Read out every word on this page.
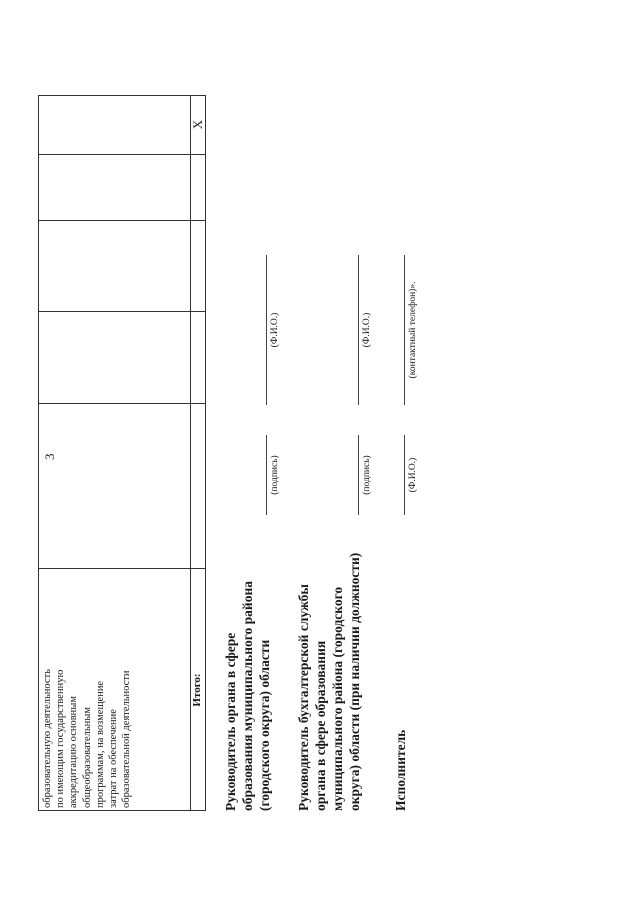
3
образовательную деятельность по имеющим государственную аккредитацию основным общеобразовательным программам, на возмещение затрат на обеспечение образовательной деятельности	Итого:
X
Руководитель органа в сфере образования муниципального района (городского округа) области
(подпись)
(Ф.И.О.)
Руководитель бухгалтерской службы органа в сфере образования муниципального района (городского округа) области (при наличии должности)
(подпись)
(Ф.И.О.)
Исполнитель
(Ф.И.О.)
(контактный телефон)».
